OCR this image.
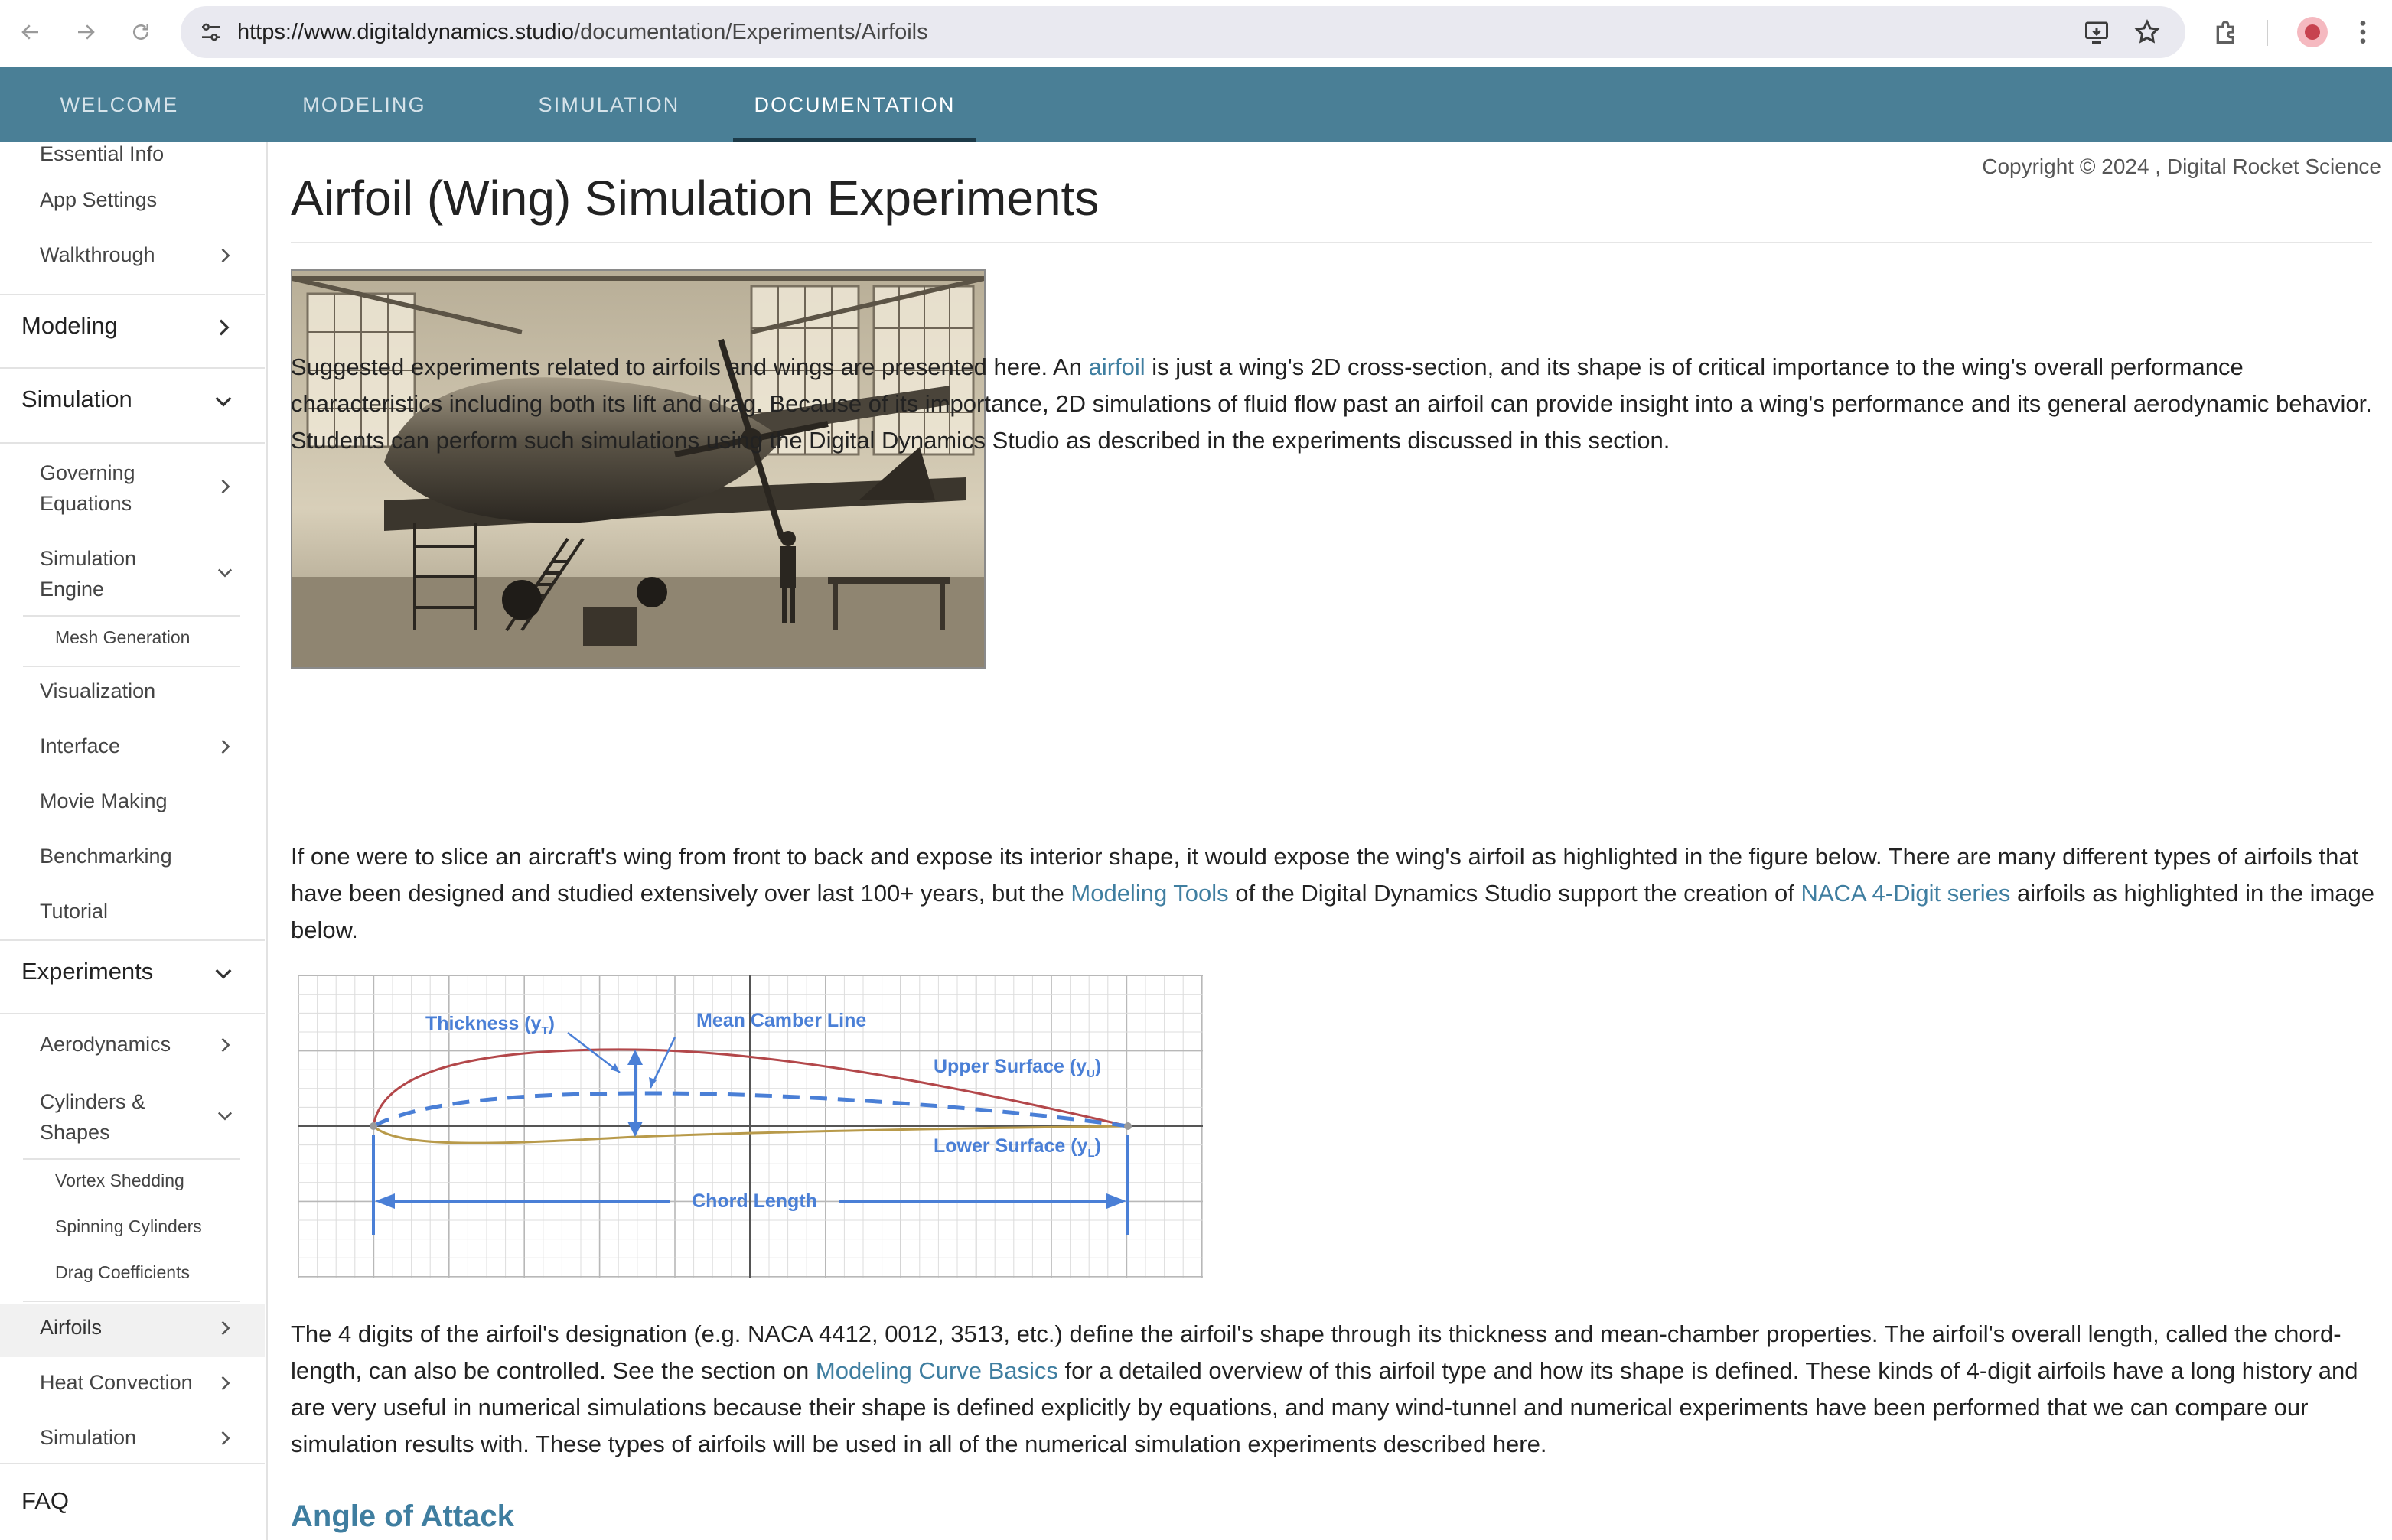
https://www.digitaldynamics.studio/documentation/Experiments/Airfoils
WELCOME	MODELING	SIMULATION	DOCUMENTATION
Essential Info
App Settings
Walkthrough
Modeling
Simulation
Governing Equations
Simulation Engine
Mesh Generation
Visualization
Interface
Movie Making
Benchmarking
Tutorial
Experiments
Aerodynamics
Cylinders & Shapes
Vortex Shedding
Spinning Cylinders
Drag Coefficients
Airfoils
Heat Convection
Simulation
FAQ
Copyright © 2024 , Digital Rocket Science
Airfoil (Wing) Simulation Experiments

Suggested experiments related to airfoils and wings are presented here. An airfoil is just a wing's 2D cross-section, and its shape is of critical importance to the wing's overall performance characteristics including both its lift and drag. Because of its importance, 2D simulations of fluid flow past an airfoil can provide insight into a wing's performance and its general aerodynamic behavior. Students can perform such simulations using the Digital Dynamics Studio as described in the experiments discussed in this section.

If one were to slice an aircraft's wing from front to back and expose its interior shape, it would expose the wing's airfoil as highlighted in the figure below. There are many different types of airfoils that have been designed and studied extensively over last 100+ years, but the Modeling Tools of the Digital Dynamics Studio support the creation of NACA 4-Digit series airfoils as highlighted in the image below.

Thickness $(y_T)$	Mean Camber Line
Upper Surface $(y_U)$
Lower Surface $(y_L)$
Chord Length

The 4 digits of the airfoil's designation (e.g. NACA 4412, 0012, 3513, etc.) define the airfoil's shape through its thickness and mean-chamber properties. The airfoil's overall length, called the chord-length, can also be controlled. See the section on Modeling Curve Basics for a detailed overview of this airfoil type and how its shape is defined. These kinds of 4-digit airfoils have a long history and are very useful in numerical simulations because their shape is defined explicitly by equations, and many wind-tunnel and numerical experiments have been performed that we can compare our simulation results with. These types of airfoils will be used in all of the numerical simulation experiments described here.

Angle of Attack
